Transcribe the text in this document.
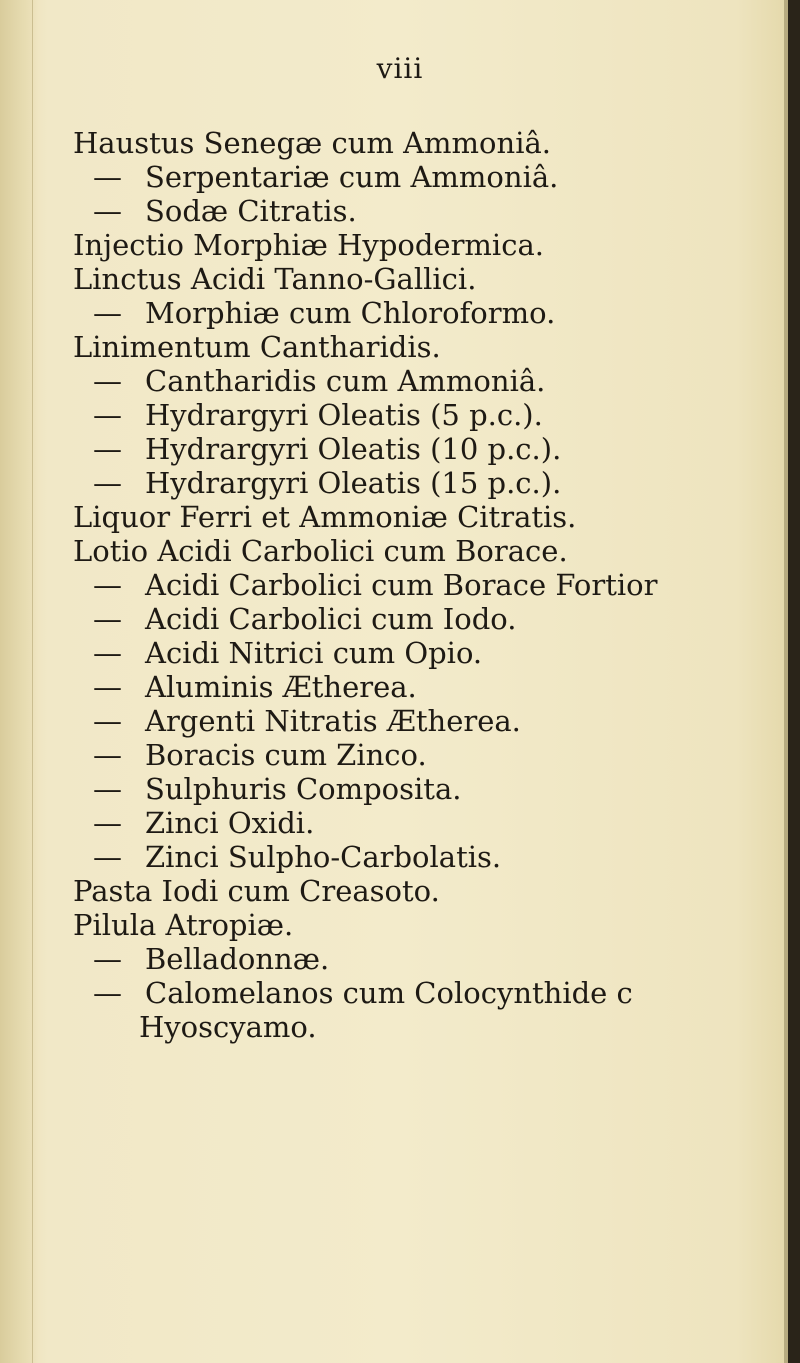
viii
Haustus Senegæ cum Ammoniâ.
— Serpentariæ cum Ammoniâ.
— Sodæ Citratis.
Injectio Morphiæ Hypodermica.
Linctus Acidi Tanno-Gallici.
— Morphiæ cum Chloroformo.
Linimentum Cantharidis.
— Cantharidis cum Ammoniâ.
— Hydrargyri Oleatis (5 p.c.).
— Hydrargyri Oleatis (10 p.c.).
— Hydrargyri Oleatis (15 p.c.).
Liquor Ferri et Ammoniæ Citratis.
Lotio Acidi Carbolici cum Borace.
— Acidi Carbolici cum Borace Fortior
— Acidi Carbolici cum Iodo.
— Acidi Nitrici cum Opio.
— Aluminis Ætherea.
— Argenti Nitratis Ætherea.
— Boracis cum Zinco.
— Sulphuris Composita.
— Zinci Oxidi.
— Zinci Sulpho-Carbolatis.
Pasta Iodi cum Creasoto.
Pilula Atropiæ.
— Belladonnæ.
— Calomelanos cum Colocynthide c
Hyoscyamo.
